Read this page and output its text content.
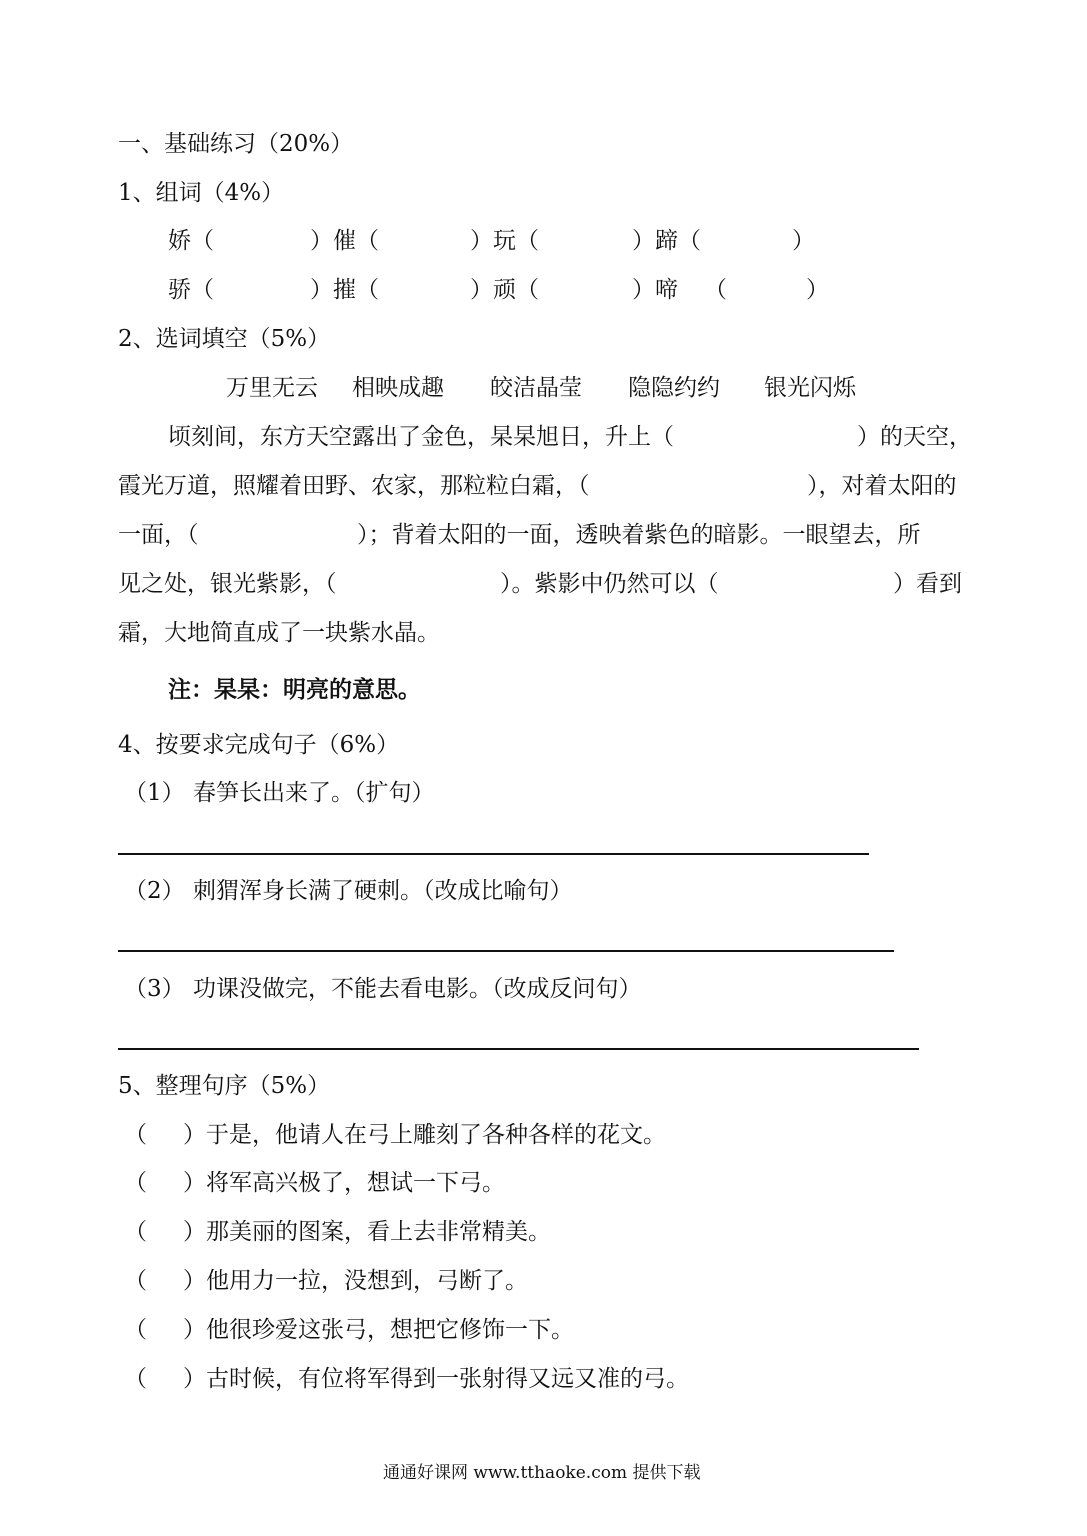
一、基础练习（20%）
1、组词（4%）
娇（	）催（	）玩（	）蹄（	）
骄（	）摧（	）顽（	）啼 （	）
2、选词填空（5%）
万里无云 相映成趣 皎洁晶莹 隐隐约约 银光闪烁
顷刻间，东方天空露出了金色，杲杲旭日，升上（	）的天空，
霞光万道，照耀着田野、农家，那粒粒白霜，（	），对着太阳的
一面，（	）；背着太阳的一面，透映着紫色的暗影。一眼望去，所
见之处，银光紫影，（	）。紫影中仍然可以（	）看到
霜，大地简直成了一块紫水晶。
注：杲杲：明亮的意思。
4、按要求完成句子（6%）
（1） 春笋长出来了。（扩句）
（2） 刺猬浑身长满了硬刺。（改成比喻句）
（3） 功课没做完，不能去看电影。（改成反问句）
5、整理句序（5%）
（ ）于是，他请人在弓上雕刻了各种各样的花文。
（ ）将军高兴极了，想试一下弓。
（ ）那美丽的图案，看上去非常精美。
（ ）他用力一拉，没想到，弓断了。
（ ）他很珍爱这张弓，想把它修饰一下。
（ ）古时候，有位将军得到一张射得又远又准的弓。
通通好课网 www.tthaoke.com 提供下载
